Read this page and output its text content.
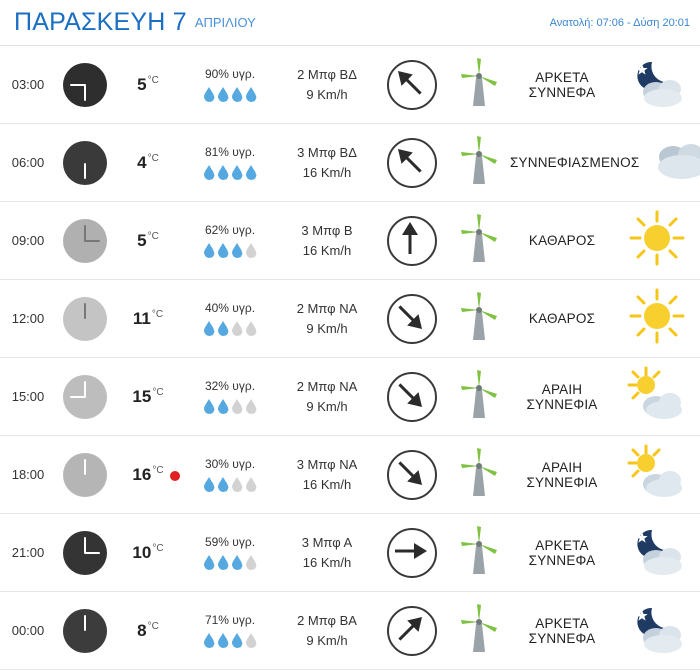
ΠΑΡΑΣΚΕΥΗ 7 ΑΠΡΙΛΙΟΥ	Ανατολή: 07:06 - Δύση 20:01
03:00	$5^{^\circ C}$	90% υγρ.	2 Μπφ ΒΔ
9 Km/h
ΑΡΚΕΤΑ ΣΥΝΝΕΦΑ
06:00	$4^{^\circ C}$	81% υγρ.	3 Μπφ ΒΔ
16 Km/h
ΣΥΝΝΕΦΙΑΣΜΕΝΟΣ
09:00	$5^{^\circ C}$	62% υγρ.	3 Μπφ Β
16 Km/h
ΚΑΘΑΡΟΣ
12:00	$11^{^\circ C}$	40% υγρ.	2 Μπφ ΝΑ
9 Km/h
ΚΑΘΑΡΟΣ
15:00	$15^{^\circ C}$	32% υγρ.	2 Μπφ ΝΑ
9 Km/h
ΑΡΑΙΗ ΣΥΝΝΕΦΙΑ
18:00	$16^{^\circ C}$	30% υγρ.	3 Μπφ ΝΑ
16 Km/h
ΑΡΑΙΗ ΣΥΝΝΕΦΙΑ
21:00	$10^{^\circ C}$	59% υγρ.	3 Μπφ Α
16 Km/h
ΑΡΚΕΤΑ ΣΥΝΝΕΦΑ
00:00	$8^{^\circ C}$	71% υγρ.	2 Μπφ ΒΑ
9 Km/h
ΑΡΚΕΤΑ ΣΥΝΝΕΦΑ
